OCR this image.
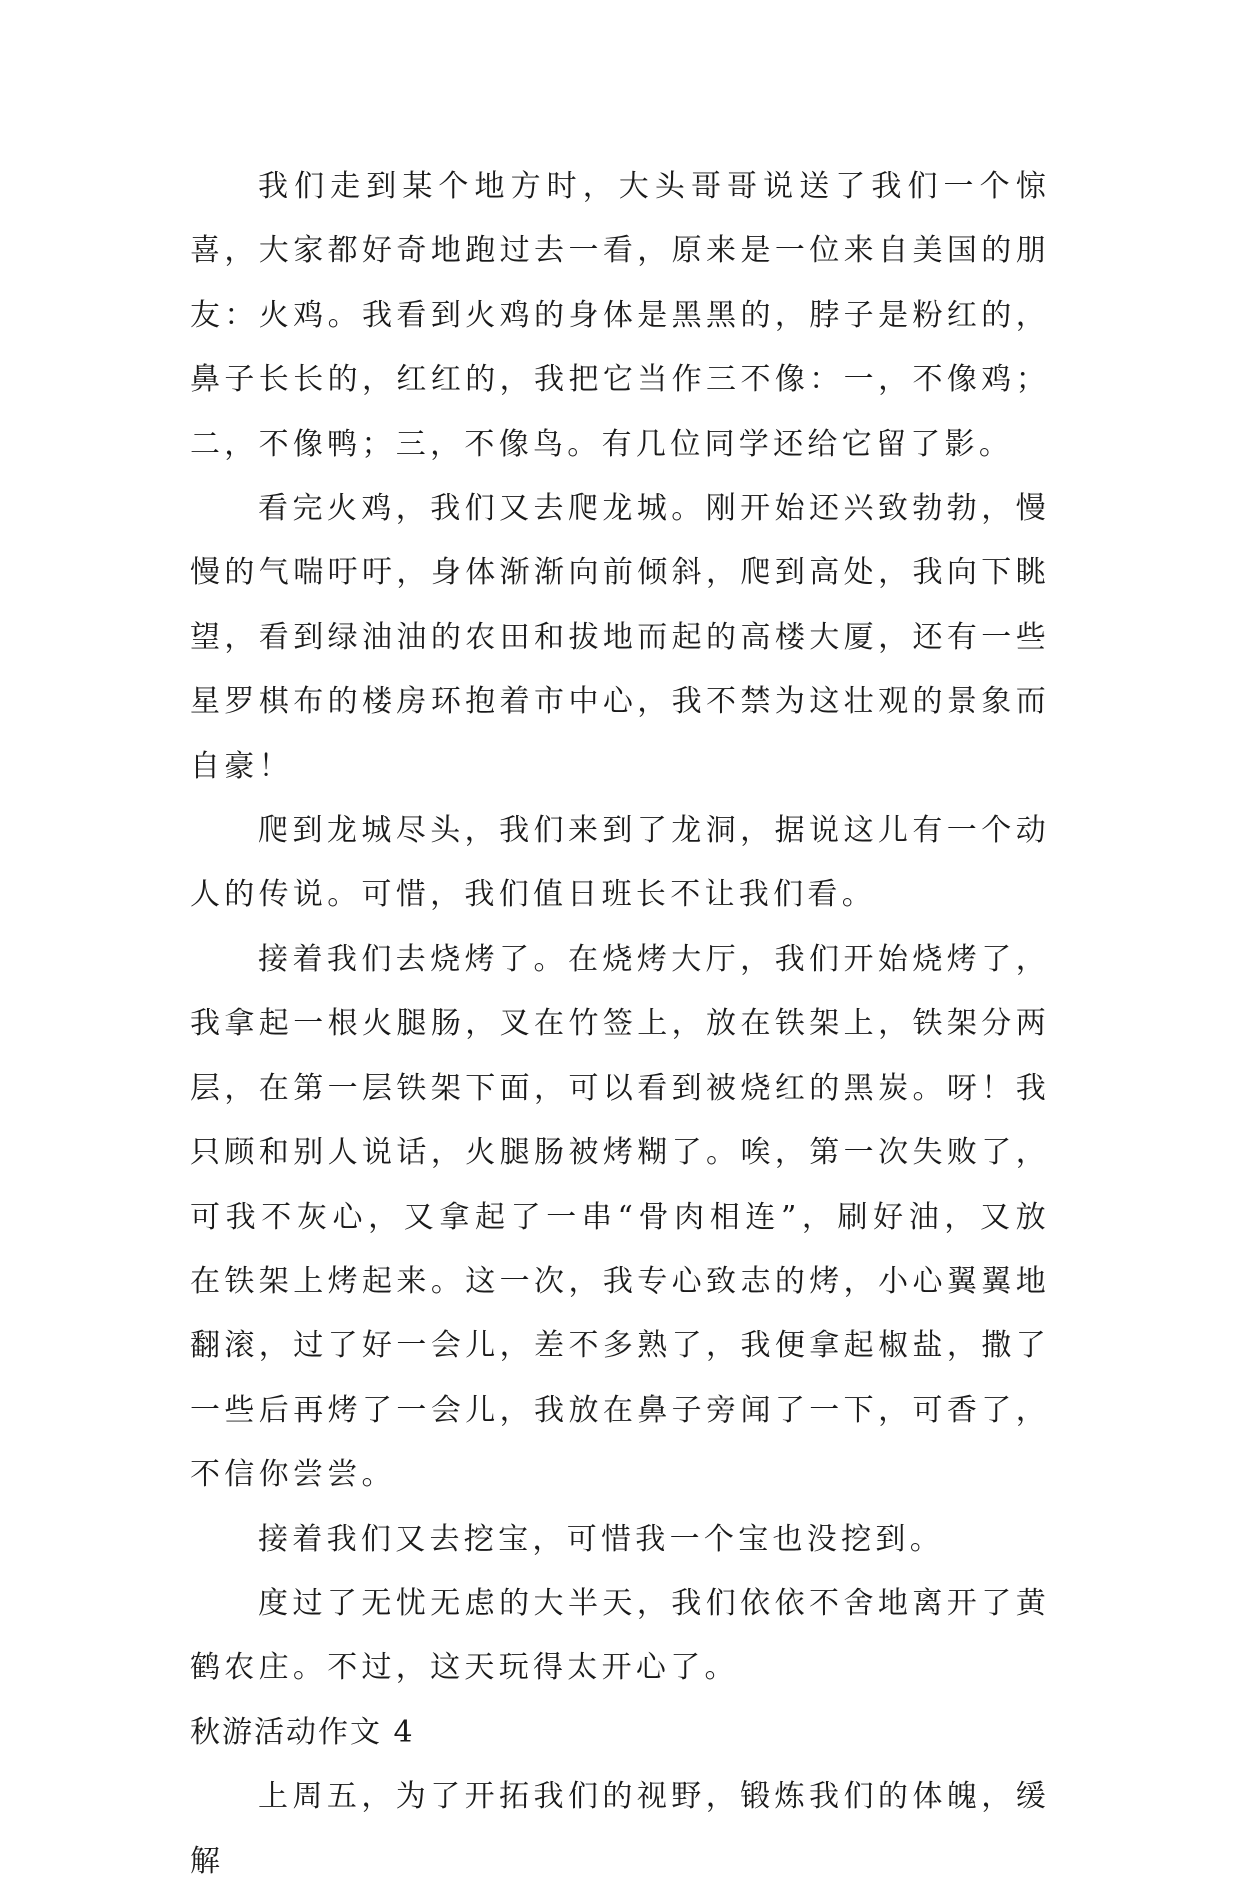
我们走到某个地方时，大头哥哥说送了我们一个惊喜，大家都好奇地跑过去一看，原来是一位来自美国的朋友：火鸡。我看到火鸡的身体是黑黑的，脖子是粉红的，鼻子长长的，红红的，我把它当作三不像：一，不像鸡；二，不像鸭；三，不像鸟。有几位同学还给它留了影。

看完火鸡，我们又去爬龙城。刚开始还兴致勃勃，慢慢的气喘吁吁，身体渐渐向前倾斜，爬到高处，我向下眺望，看到绿油油的农田和拔地而起的高楼大厦，还有一些星罗棋布的楼房环抱着市中心，我不禁为这壮观的景象而自豪！

爬到龙城尽头，我们来到了龙洞，据说这儿有一个动人的传说。可惜，我们值日班长不让我们看。

接着我们去烧烤了。在烧烤大厅，我们开始烧烤了，我拿起一根火腿肠，叉在竹签上，放在铁架上，铁架分两层，在第一层铁架下面，可以看到被烧红的黑炭。呀！我只顾和别人说话，火腿肠被烤糊了。唉，第一次失败了，可我不灰心，又拿起了一串“骨肉相连”，刷好油，又放在铁架上烤起来。这一次，我专心致志的烤，小心翼翼地翻滚，过了好一会儿，差不多熟了，我便拿起椒盐，撒了一些后再烤了一会儿，我放在鼻子旁闻了一下，可香了，不信你尝尝。

接着我们又去挖宝，可惜我一个宝也没挖到。

度过了无忧无虑的大半天，我们依依不舍地离开了黄鹤农庄。不过，这天玩得太开心了。

秋游活动作文 4

上周五，为了开拓我们的视野，锻炼我们的体魄，缓解
